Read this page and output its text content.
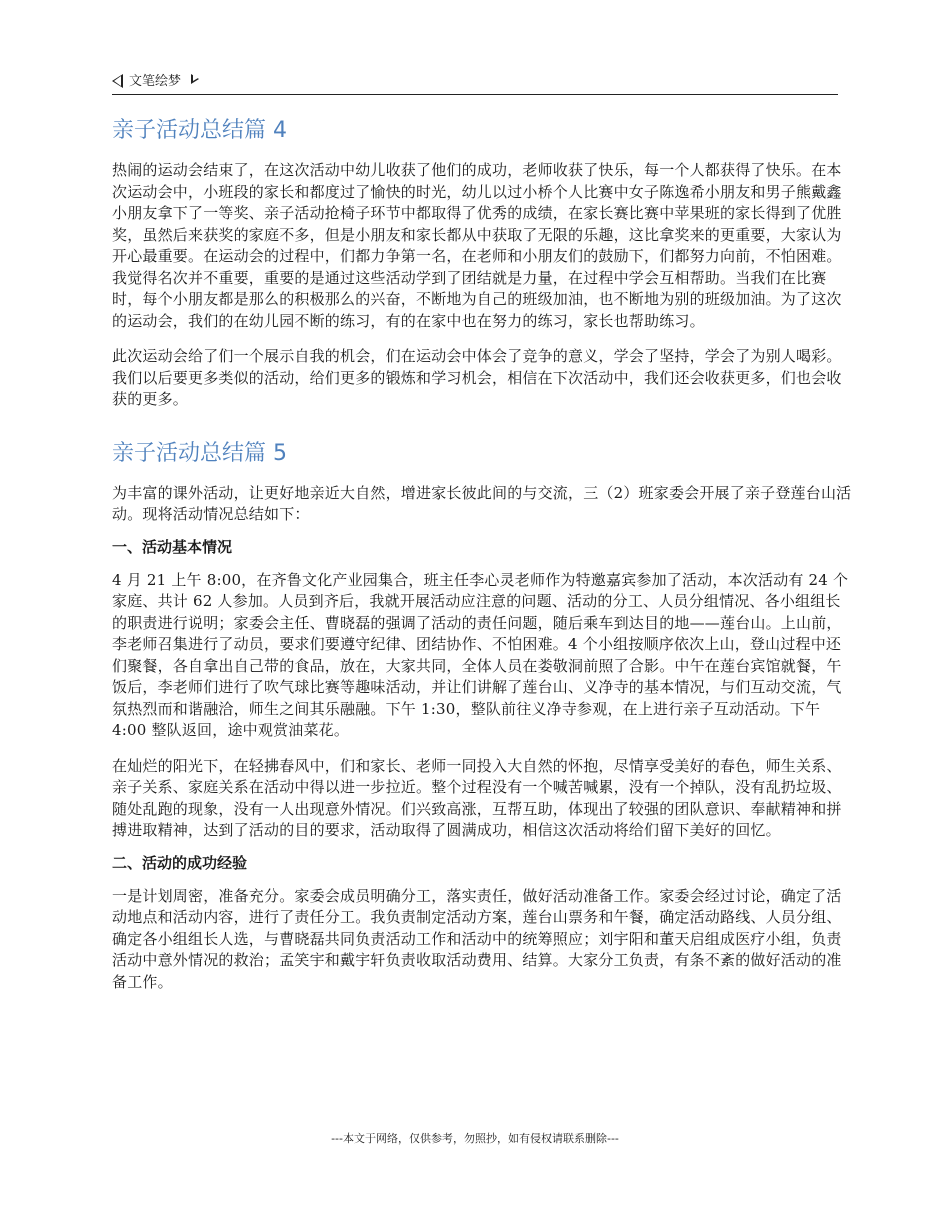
文笔绘梦
亲子活动总结篇 4

热闹的运动会结束了，在这次活动中幼儿收获了他们的成功，老师收获了快乐，每一个人都获得了快乐。在本次运动会中，小班段的家长和都度过了愉快的时光，幼儿以过小桥个人比赛中女子陈逸希小朋友和男子熊戴鑫小朋友拿下了一等奖、亲子活动抢椅子环节中都取得了优秀的成绩，在家长赛比赛中苹果班的家长得到了优胜奖，虽然后来获奖的家庭不多，但是小朋友和家长都从中获取了无限的乐趣，这比拿奖来的更重要，大家认为开心最重要。在运动会的过程中，们都力争第一名，在老师和小朋友们的鼓励下，们都努力向前，不怕困难。我觉得名次并不重要，重要的是通过这些活动学到了团结就是力量，在过程中学会互相帮助。当我们在比赛时，每个小朋友都是那么的积极那么的兴奋，不断地为自己的班级加油，也不断地为别的班级加油。为了这次的运动会，我们的在幼儿园不断的练习，有的在家中也在努力的练习，家长也帮助练习。

此次运动会给了们一个展示自我的机会，们在运动会中体会了竞争的意义，学会了坚持，学会了为别人喝彩。我们以后要更多类似的活动，给们更多的锻炼和学习机会，相信在下次活动中，我们还会收获更多，们也会收获的更多。

亲子活动总结篇 5

为丰富的课外活动，让更好地亲近大自然，增进家长彼此间的与交流，三（2）班家委会开展了亲子登莲台山活动。现将活动情况总结如下：

一、活动基本情况

4 月 21 上午 8:00，在齐鲁文化产业园集合，班主任李心灵老师作为特邀嘉宾参加了活动，本次活动有 24 个家庭、共计 62 人参加。人员到齐后，我就开展活动应注意的问题、活动的分工、人员分组情况、各小组组长的职责进行说明；家委会主任、曹晓磊的强调了活动的责任问题，随后乘车到达目的地——莲台山。上山前，李老师召集进行了动员，要求们要遵守纪律、团结协作、不怕困难。4 个小组按顺序依次上山，登山过程中还们聚餐，各自拿出自己带的食品，放在，大家共同，全体人员在娄敬洞前照了合影。中午在莲台宾馆就餐，午饭后，李老师们进行了吹气球比赛等趣味活动，并让们讲解了莲台山、义净寺的基本情况，与们互动交流，气氛热烈而和谐融洽，师生之间其乐融融。下午 1:30，整队前往义净寺参观，在上进行亲子互动活动。下午 4:00 整队返回，途中观赏油菜花。

在灿烂的阳光下，在轻拂春风中，们和家长、老师一同投入大自然的怀抱，尽情享受美好的春色，师生关系、亲子关系、家庭关系在活动中得以进一步拉近。整个过程没有一个喊苦喊累，没有一个掉队，没有乱扔垃圾、随处乱跑的现象，没有一人出现意外情况。们兴致高涨，互帮互助，体现出了较强的团队意识、奉献精神和拼搏进取精神，达到了活动的目的要求，活动取得了圆满成功，相信这次活动将给们留下美好的回忆。

二、活动的成功经验

一是计划周密，准备充分。家委会成员明确分工，落实责任，做好活动准备工作。家委会经过讨论，确定了活动地点和活动内容，进行了责任分工。我负责制定活动方案，莲台山票务和午餐，确定活动路线、人员分组、确定各小组组长人选，与曹晓磊共同负责活动工作和活动中的统筹照应；刘宇阳和董天启组成医疗小组，负责活动中意外情况的救治；孟笑宇和戴宇轩负责收取活动费用、结算。大家分工负责，有条不紊的做好活动的准备工作。

---本文于网络，仅供参考，勿照抄，如有侵权请联系删除---
